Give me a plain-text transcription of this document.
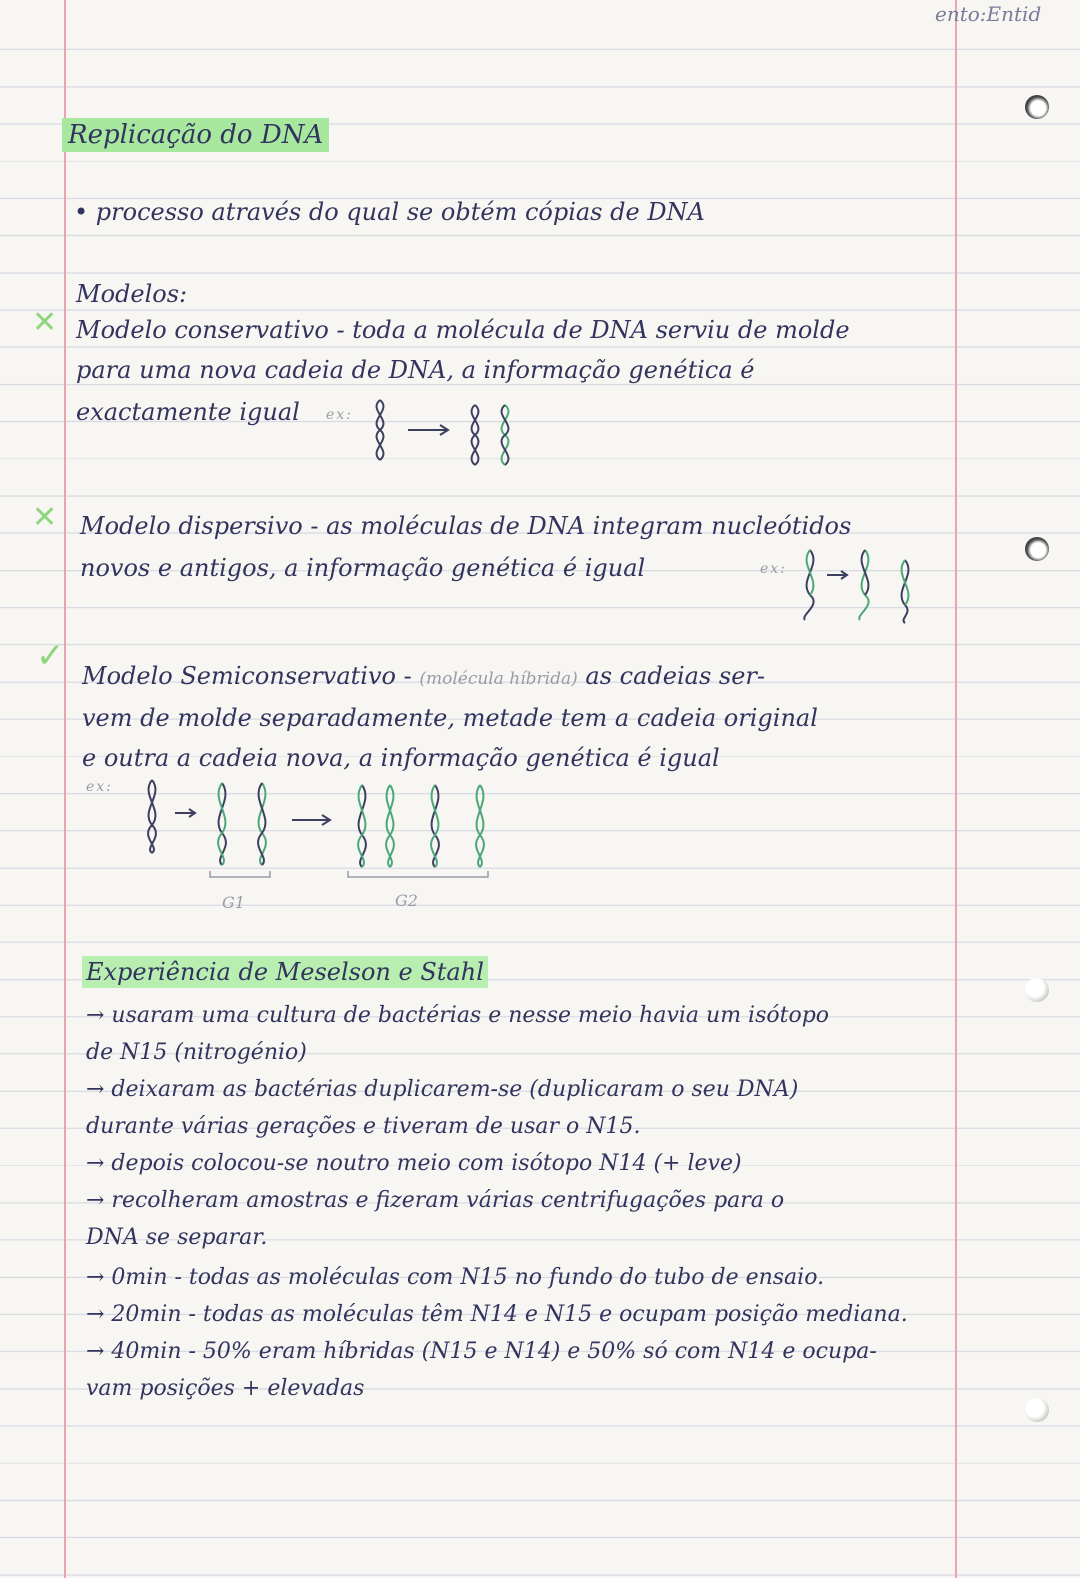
ento:Entid
Replicação do DNA
• processo através do qual se obtém cópias de DNA
Modelos:
✕ Modelo conservativo - toda a molécula de DNA serviu de molde
para uma nova cadeia de DNA, a informação genética é
exactamente igual ex:
✕ Modelo dispersivo - as moléculas de DNA integram nucleótidos
novos e antigos, a informação genética é igual	ex:
✓ Modelo Semiconservativo - (molécula híbrida) as cadeias ser-
vem de molde separadamente, metade tem a cadeia original
e outra a cadeia nova, a informação genética é igual
ex:
G1	G2
Experiência de Meselson e Stahl
→ usaram uma cultura de bactérias e nesse meio havia um isótopo
de N15 (nitrogénio)
→ deixaram as bactérias duplicarem-se (duplicaram o seu DNA)
durante várias gerações e tiveram de usar o N15.
→ depois colocou-se noutro meio com isótopo N14 (+ leve)
→ recolheram amostras e fizeram várias centrifugações para o
DNA se separar.
→ 0min - todas as moléculas com N15 no fundo do tubo de ensaio.
→ 20min - todas as moléculas têm N14 e N15 e ocupam posição mediana.
→ 40min - 50% eram híbridas (N15 e N14) e 50% só com N14 e ocupa-
vam posições + elevadas
